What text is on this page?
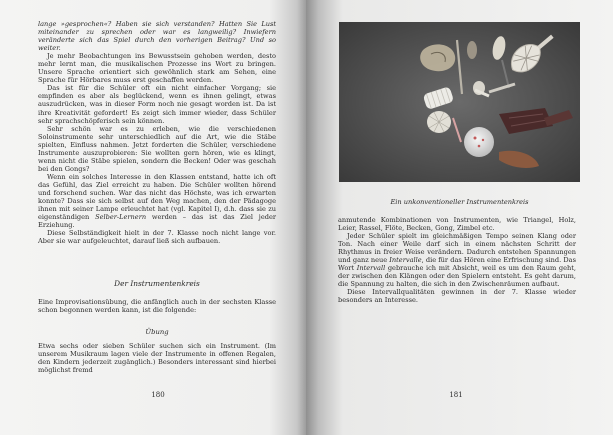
lange »gesprochen«? Haben sie sich verstanden? Hatten Sie Lust miteinander zu sprechen oder war es langweilig? Inwiefern veränderte sich das Spiel durch den vorherigen Beitrag? Und so weiter.

Je mehr Beobachtungen ins Bewusstsein gehoben werden, desto mehr lernt man, die musikalischen Prozesse ins Wort zu bringen. Unsere Sprache orientiert sich gewöhnlich stark am Sehen, eine Sprache für Hörbares muss erst geschaffen werden.

Das ist für die Schüler oft ein nicht einfacher Vorgang; sie empfinden es aber als beglückend, wenn es ihnen gelingt, etwas auszudrücken, was in dieser Form noch nie gesagt worden ist. Da ist ihre Kreativität gefordert! Es zeigt sich immer wieder, dass Schüler sehr sprachschöpferisch sein können.

Sehr schön war es zu erleben, wie die verschiedenen Soloinstrumente sehr unterschiedlich auf die Art, wie die Stäbe spielten, Einfluss nahmen. Jetzt forderten die Schüler, verschiedene Instrumente auszuprobieren: Sie wollten gern hören, wie es klingt, wenn nicht die Stäbe spielen, sondern die Becken! Oder was geschah bei den Gongs?

Wenn ein solches Interesse in den Klassen entstand, hatte ich oft das Gefühl, das Ziel erreicht zu haben. Die Schüler wollten hörend und forschend suchen. War das nicht das Höchste, was ich erwarten konnte? Dass sie sich selbst auf den Weg machen, den der Pädagoge ihnen mit seiner Lampe erleuchtet hat (vgl. Kapitel I), d.h. dass sie zu eigenständigen Selber-Lernern werden – das ist das Ziel jeder Erziehung.

Diese Selbständigkeit hielt in der 7. Klasse noch nicht lange vor. Aber sie war aufgeleuchtet, darauf ließ sich aufbauen.

Der Instrumentenkreis

Eine Improvisationsübung, die anfänglich auch in der sechsten Klasse schon begonnen werden kann, ist die folgende:

Übung

Etwa sechs oder sieben Schüler suchen sich ein Instrument. (Im unserem Musikraum lagen viele der Instrumente in offenen Regalen, den Kindern jederzeit zugänglich.) Besonders interessant sind hierbei möglichst fremd

180
Ein unkonventioneller Instrumentenkreis

anmutende Kombinationen von Instrumenten, wie Triangel, Holz, Leier, Rassel, Flöte, Becken, Gong, Zimbel etc.

Jeder Schüler spielt im gleichmäßigen Tempo seinen Klang oder Ton. Nach einer Weile darf sich in einem nächsten Schritt der Rhythmus in freier Weise verändern. Dadurch entstehen Spannungen und ganz neue Intervalle, die für das Hören eine Erfrischung sind. Das Wort Intervall gebrauche ich mit Absicht, weil es um den Raum geht, der zwischen den Klängen oder den Spielern entsteht. Es geht darum, die Spannung zu halten, die sich in den Zwischenräumen aufbaut.

Diese Intervallqualitäten gewinnen in der 7. Klasse wieder besonders an Interesse.

181
